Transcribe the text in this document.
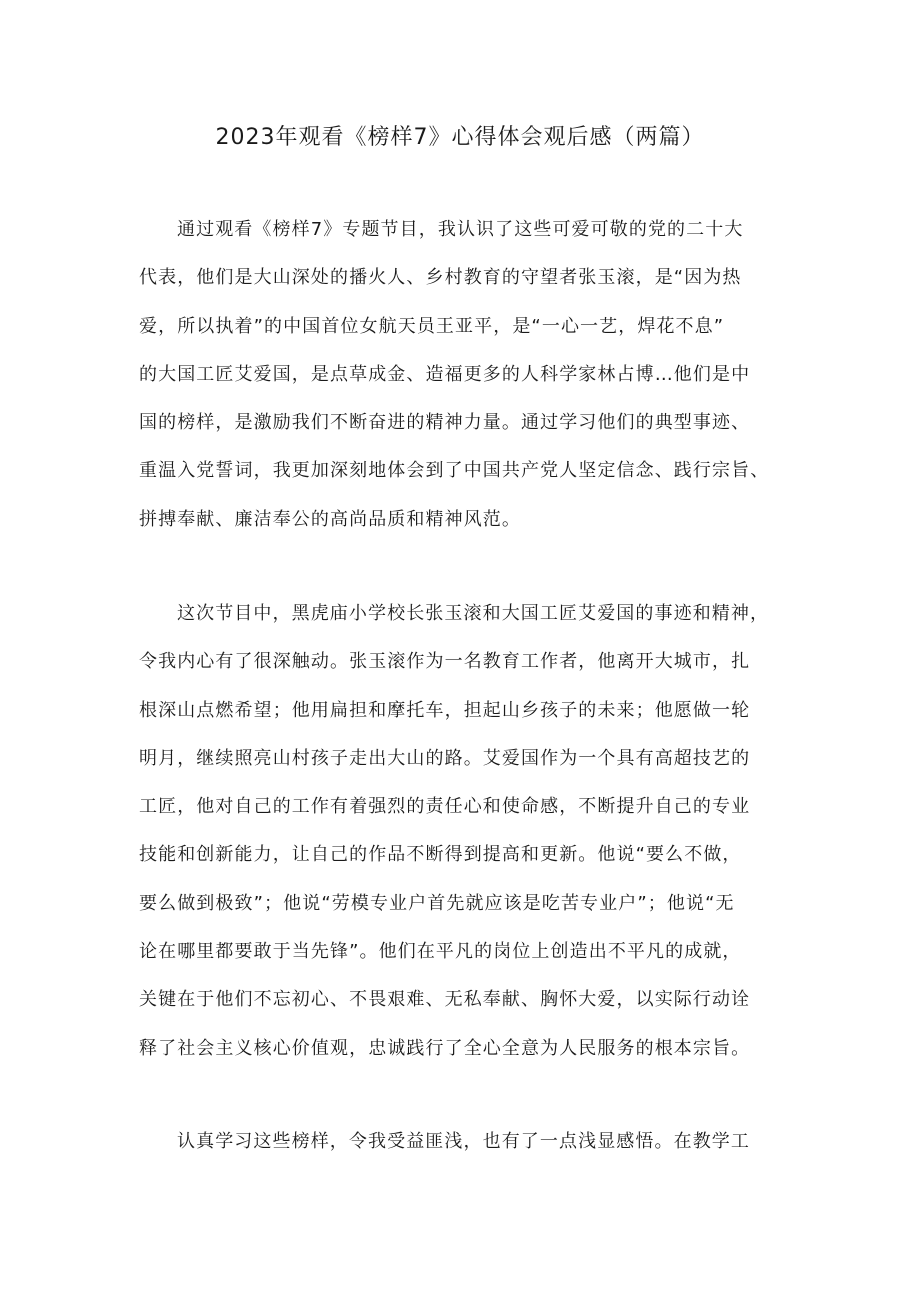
2023年观看《榜样7》心得体会观后感（两篇）
通过观看《榜样7》专题节目，我认识了这些可爱可敬的党的二十大
代表，他们是大山深处的播火人、乡村教育的守望者张玉滚，是“因为热
爱，所以执着”的中国首位女航天员王亚平，是“一心一艺，焊花不息”
的大国工匠艾爱国，是点草成金、造福更多的人科学家林占博…他们是中
国的榜样，是激励我们不断奋进的精神力量。通过学习他们的典型事迹、
重温入党誓词，我更加深刻地体会到了中国共产党人坚定信念、践行宗旨、
拼搏奉献、廉洁奉公的高尚品质和精神风范。
这次节目中，黑虎庙小学校长张玉滚和大国工匠艾爱国的事迹和精神，
令我内心有了很深触动。张玉滚作为一名教育工作者，他离开大城市，扎
根深山点燃希望；他用扁担和摩托车，担起山乡孩子的未来；他愿做一轮
明月，继续照亮山村孩子走出大山的路。艾爱国作为一个具有高超技艺的
工匠，他对自己的工作有着强烈的责任心和使命感，不断提升自己的专业
技能和创新能力，让自己的作品不断得到提高和更新。他说“要么不做，
要么做到极致”；他说“劳模专业户首先就应该是吃苦专业户”；他说“无
论在哪里都要敢于当先锋”。他们在平凡的岗位上创造出不平凡的成就，
关键在于他们不忘初心、不畏艰难、无私奉献、胸怀大爱，以实际行动诠
释了社会主义核心价值观，忠诚践行了全心全意为人民服务的根本宗旨。
认真学习这些榜样，令我受益匪浅，也有了一点浅显感悟。在教学工
